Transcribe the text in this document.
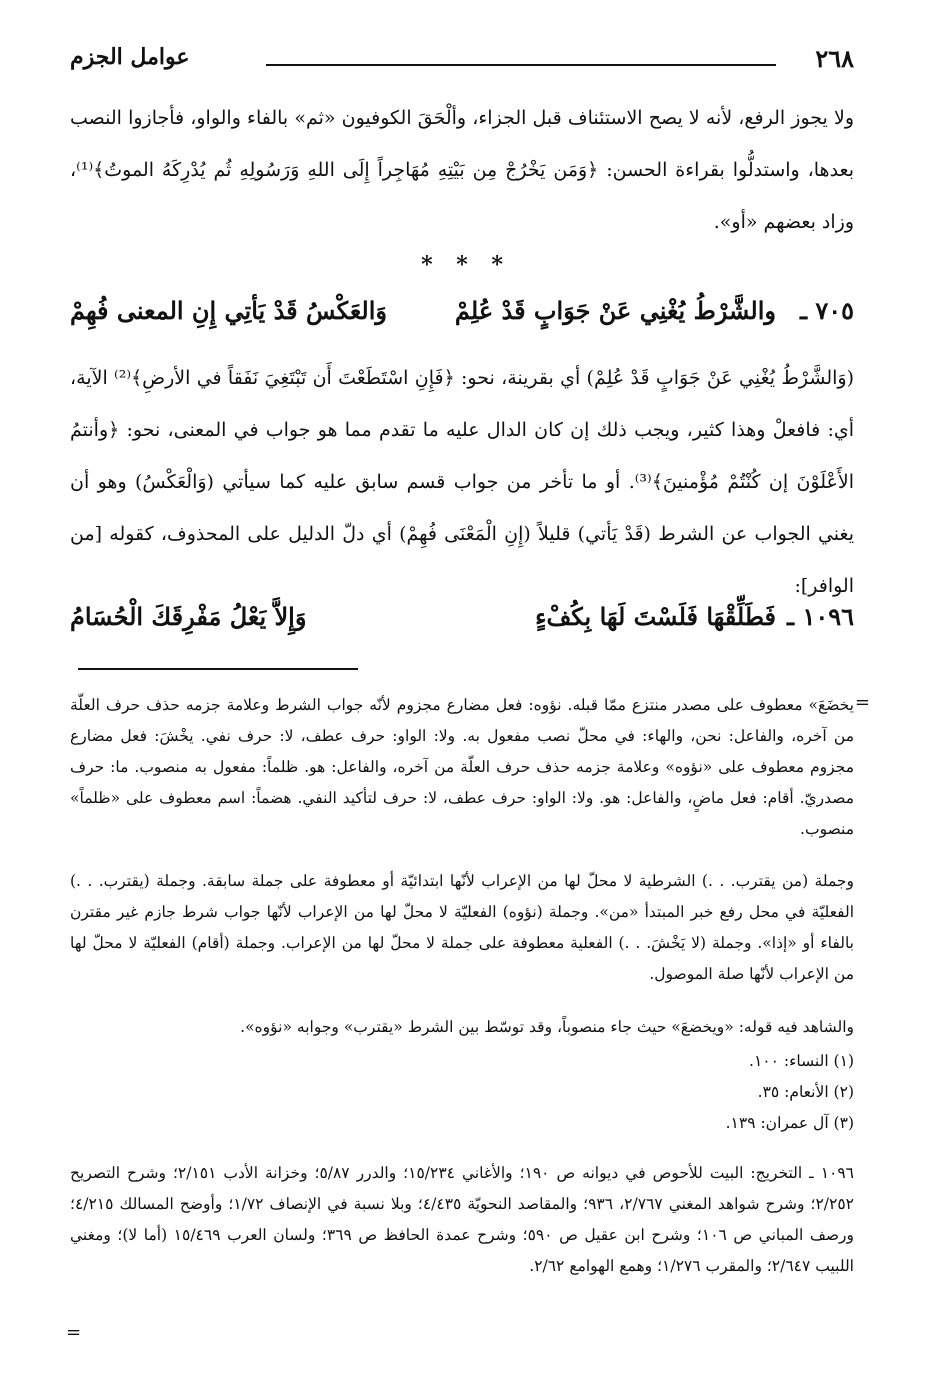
٢٦٨
عوامل الجزم
ولا يجوز الرفع، لأنه لا يصح الاستئناف قبل الجزاء، وألْحَقَ الكوفيون «ثم» بالفاء والواو، فأجازوا النصب بعدها، واستدلُّوا بقراءة الحسن: ﴿وَمَن يَخْرُجْ مِن بَيْتِهِ مُهَاجِراً إِلَى اللهِ وَرَسُولِهِ ثُم يُدْرِكَهُ الموتُ﴾⁽¹⁾، وزاد بعضهم «أو».
* * *
٧٠٥ ـ
والشَّرْطُ يُغْنِي عَنْ جَوَابٍ قَدْ عُلِمْ
وَالعَكْسُ قَدْ يَأتِي إِنِ المعنى فُهِمْ
(وَالشَّرْطُ يُغْنِي عَنْ جَوَابٍ قَدْ عُلِمْ) أي بقرينة، نحو: ﴿فَإِنِ اسْتَطَعْتَ أَن تَبْتَغِيَ نَفَقاً في الأرضِ﴾⁽²⁾ الآية، أي: فافعلْ وهذا كثير، ويجب ذلك إن كان الدال عليه ما تقدم مما هو جواب في المعنى، نحو: ﴿وأنتمُ الأَعْلَوْنَ إن كُنْتُمْ مُؤْمنينَ﴾⁽³⁾. أو ما تأخر من جواب قسم سابق عليه كما سيأتي (وَالْعَكْسُ) وهو أن يغني الجواب عن الشرط (قَدْ يَأتي) قليلاً (إِنِ الْمَعْنَى فُهِمْ) أي دلّ الدليل على المحذوف، كقوله [من الوافر]:
١٠٩٦ ـ
فَطَلِّقْهَا فَلَسْتَ لَهَا بِكُفْءٍ
وَإِلاَّ يَعْلُ مَفْرِقَكَ الْحُسَامُ
=
يخضَعَ» معطوف على مصدر منتزع ممّا قبله. نؤوه: فعل مضارع مجزوم لأنّه جواب الشرط وعلامة جزمه حذف حرف العلّة من آخره، والفاعل: نحن، والهاء: في محلّ نصب مفعول به. ولا: الواو: حرف عطف، لا: حرف نفي. يخْشَ: فعل مضارع مجزوم معطوف على «نؤوه» وعلامة جزمه حذف حرف العلّة من آخره، والفاعل: هو. ظلماً: مفعول به منصوب. ما: حرف مصدريّ. أقام: فعل ماضٍ، والفاعل: هو. ولا: الواو: حرف عطف، لا: حرف لتأكيد النفي. هضماً: اسم معطوف على «ظلماً» منصوب.
وجملة (من يقترب. . .) الشرطية لا محلّ لها من الإعراب لأنّها ابتدائيّة أو معطوفة على جملة سابقة. وجملة (يقترب. . .) الفعليّة في محل رفع خبر المبتدأ «من». وجملة (نؤوه) الفعليّة لا محلّ لها من الإعراب لأنّها جواب شرط جازم غير مقترن بالفاء أو «إذا». وجملة (لا يَخْشَ. . .) الفعلية معطوفة على جملة لا محلّ لها من الإعراب. وجملة (أقام) الفعليّة لا محلّ لها من الإعراب لأنّها صلة الموصول.
والشاهد فيه قوله: «ويخضعَ» حيث جاء منصوباً، وقد توسّط بين الشرط «يقترب» وجوابه «نؤوه».
(١) النساء: ١٠٠.
(٢) الأنعام: ٣٥.
(٣) آل عمران: ١٣٩.
١٠٩٦ ـ التخريج: البيت للأحوص في ديوانه ص ١٩٠؛ والأغاني ١٥/٢٣٤؛ والدرر ٥/٨٧؛ وخزانة الأدب ٢/١٥١؛ وشرح التصريح ٢/٢٥٢؛ وشرح شواهد المغني ٢/٧٦٧، ٩٣٦؛ والمقاصد النحويّة ٤/٤٣٥؛ وبلا نسبة في الإنصاف ١/٧٢؛ وأوضح المسالك ٤/٢١٥؛ ورصف المباني ص ١٠٦؛ وشرح ابن عقيل ص ٥٩٠؛ وشرح عمدة الحافظ ص ٣٦٩؛ ولسان العرب ١٥/٤٦٩ (أما لا)؛ ومغني اللبيب ٢/٦٤٧؛ والمقرب ١/٢٧٦؛ وهمع الهوامع ٢/٦٢.
=
